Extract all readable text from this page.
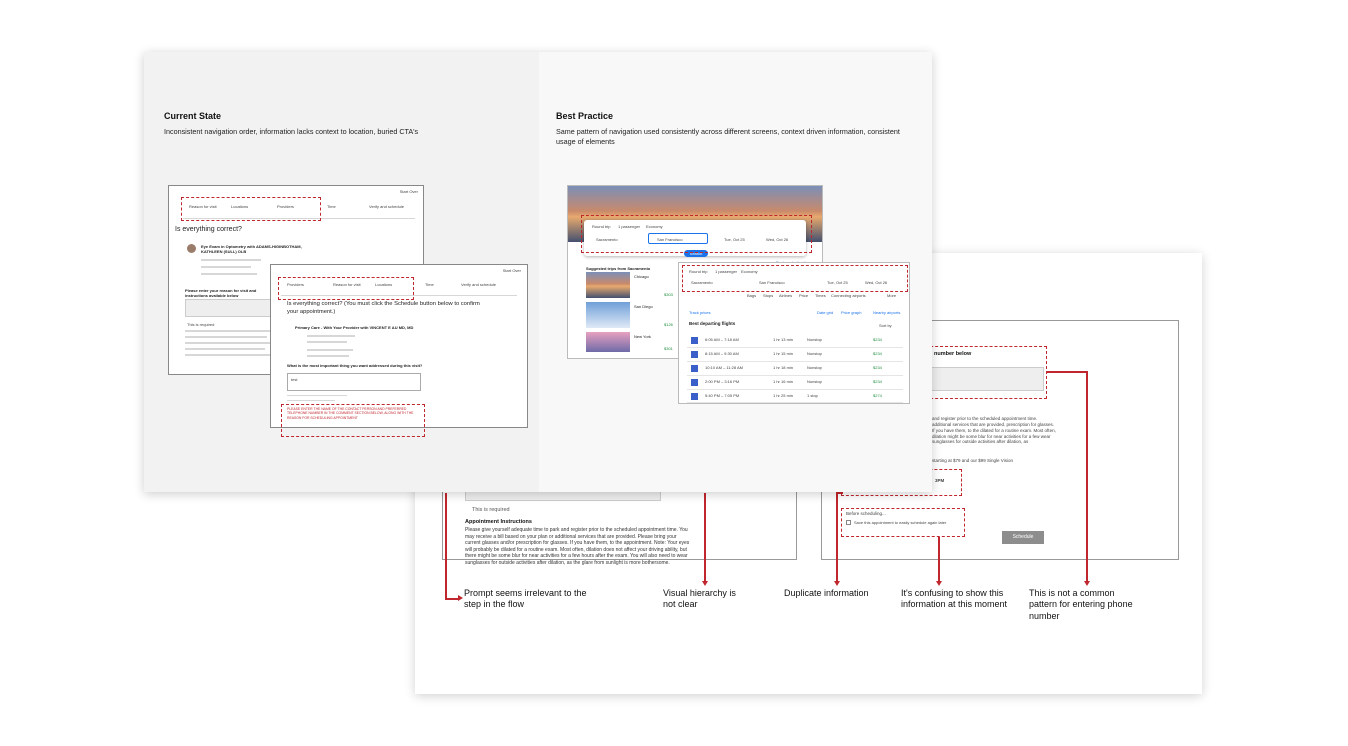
This is required
Appointment Instructions
Please give yourself adequate time to park and register prior to the scheduled appointment time. You may receive a bill based on your plan or additional services that are provided. Please bring your current glasses and/or prescription for glasses. If you have them, to the appointment. Note: Your eyes will probably be dilated for a routine exam. Most often, dilation does not affect your driving ability, but there might be some blur for near activities for a few hours after the exam. You will also need to wear sunglasses for outside activities after dilation, as the glare from sunlight is more bothersome.
number below
and register prior to the scheduled appointment time. additional services that are provided. prescription for glasses. If you have them, to the dilated for a routine exam. Most often, dilation might be some blur for near activities for a few wear sunglasses for outside activities after dilation, as
starting at $79 and our $99 Single Vision
3PM
Before scheduling...
Save this appointment to easily schedule again later
Schedule
Prompt seems irrelevant to the step in the flow
Visual hierarchy is not clear
Duplicate information	It's confusing to show this information at this moment
This is not a common pattern for entering phone number
Current State
Inconsistent navigation order, information lacks context to location, buried CTA's
Best Practice
Same pattern of navigation used consistently across different screens, context driven information, consistent usage of elements
Start Over
Reason for visit	Locations	Providers	Time	Verify and schedule
Is everything correct?
Eye Exam in Optometry with ADAMS-HIGINBOTHAM, KATHLEEN (SULL) OLB
Please enter your reason for visit and instructions available below
This is required
Start Over
Providers	Reason for visit	Locations	Time	Verify and schedule
Is everything correct? (You must click the Schedule button below to confirm your appointment.)
Primary Care - With Your Provider with VINCENT E AU MD, MD
What is the most important thing you want addressed during this visit?
test
PLEASE ENTER THE NAME OF THE CONTACT PERSON AND PREFERRED TELEPHONE NUMBER IN THE COMMENT SECTION BELOW, ALONG WITH THE REASON FOR SCHEDULING APPOINTMENT
Round trip 1 passenger Economy
Sacramento	San Francisco	Tue, Oct 25	Wed, Oct 26
Search
Suggested trips from Sacramento
Chicago
$303
San Diego
$126
New York
$301
Round trip 1 passenger Economy
Sacramento	San Francisco	Tue, Oct 25	Wed, Oct 26
Bags Stops Airlines Price Times Connecting airports	More
Track prices	Date grid Price graph	Nearby airports
Best departing flights	Sort by
6:05 AM – 7:18 AM	1 hr 13 min	Nonstop	$234
8:15 AM – 9:30 AM	1 hr 15 min	Nonstop	$234
10:10 AM – 11:28 AM	1 hr 18 min	Nonstop	$234
2:00 PM – 3:16 PM	1 hr 16 min	Nonstop	$234
5:40 PM – 7:05 PM	1 hr 25 min	1 stop	$274
